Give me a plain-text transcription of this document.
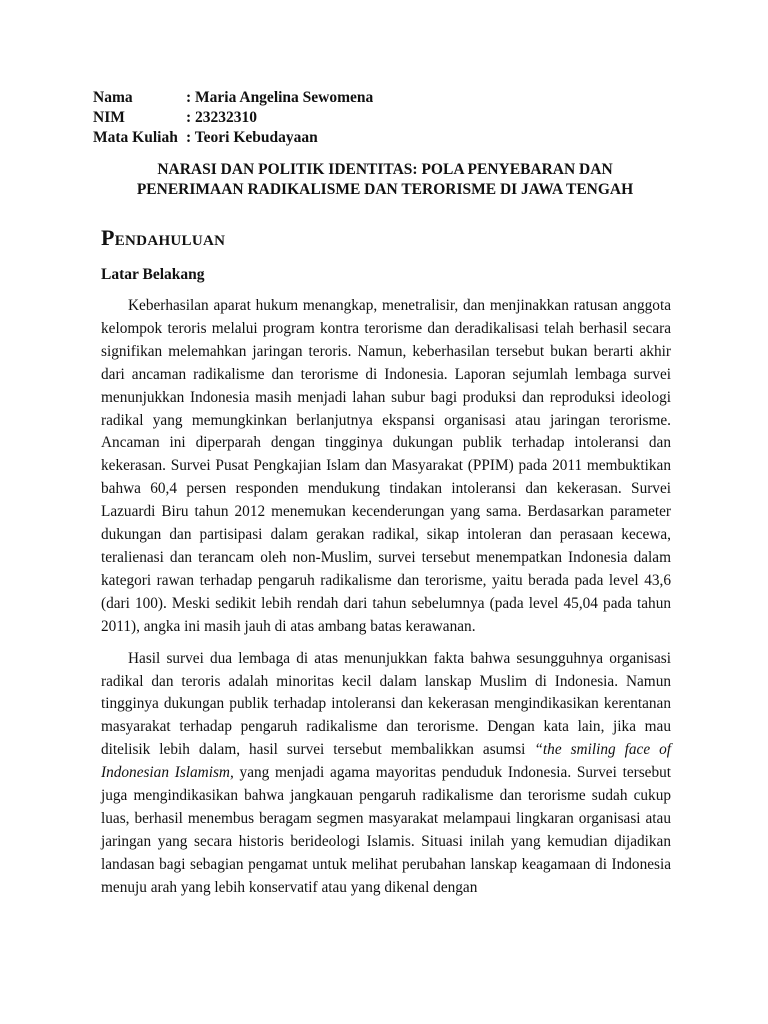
Nama	: Maria Angelina Sewomena
NIM	: 23232310
Mata Kuliah : Teori Kebudayaan
NARASI DAN POLITIK IDENTITAS: POLA PENYEBARAN DAN
PENERIMAAN RADIKALISME DAN TERORISME DI JAWA TENGAH
PENDAHULUAN
Latar Belakang

Keberhasilan aparat hukum menangkap, menetralisir, dan menjinakkan ratusan anggota kelompok teroris melalui program kontra terorisme dan deradikalisasi telah berhasil secara signifikan melemahkan jaringan teroris. Namun, keberhasilan tersebut bukan berarti akhir dari ancaman radikalisme dan terorisme di Indonesia. Laporan sejumlah lembaga survei menunjukkan Indonesia masih menjadi lahan subur bagi produksi dan reproduksi ideologi radikal yang memungkinkan berlanjutnya ekspansi organisasi atau jaringan terorisme. Ancaman ini diperparah dengan tingginya dukungan publik terhadap intoleransi dan kekerasan. Survei Pusat Pengkajian Islam dan Masyarakat (PPIM) pada 2011 membuktikan bahwa 60,4 persen responden mendukung tindakan intoleransi dan kekerasan. Survei Lazuardi Biru tahun 2012 menemukan kecenderungan yang sama. Berdasarkan parameter dukungan dan partisipasi dalam gerakan radikal, sikap intoleran dan perasaan kecewa, teralienasi dan terancam oleh non-Muslim, survei tersebut menempatkan Indonesia dalam kategori rawan terhadap pengaruh radikalisme dan terorisme, yaitu berada pada level 43,6 (dari 100). Meski sedikit lebih rendah dari tahun sebelumnya (pada level 45,04 pada tahun 2011), angka ini masih jauh di atas ambang batas kerawanan.

Hasil survei dua lembaga di atas menunjukkan fakta bahwa sesungguhnya organisasi radikal dan teroris adalah minoritas kecil dalam lanskap Muslim di Indonesia. Namun tingginya dukungan publik terhadap intoleransi dan kekerasan mengindikasikan kerentanan masyarakat terhadap pengaruh radikalisme dan terorisme. Dengan kata lain, jika mau ditelisik lebih dalam, hasil survei tersebut membalikkan asumsi “the smiling face of Indonesian Islamism, yang menjadi agama mayoritas penduduk Indonesia. Survei tersebut juga mengindikasikan bahwa jangkauan pengaruh radikalisme dan terorisme sudah cukup luas, berhasil menembus beragam segmen masyarakat melampaui lingkaran organisasi atau jaringan yang secara historis berideologi Islamis. Situasi inilah yang kemudian dijadikan landasan bagi sebagian pengamat untuk melihat perubahan lanskap keagamaan di Indonesia menuju arah yang lebih konservatif atau yang dikenal dengan
